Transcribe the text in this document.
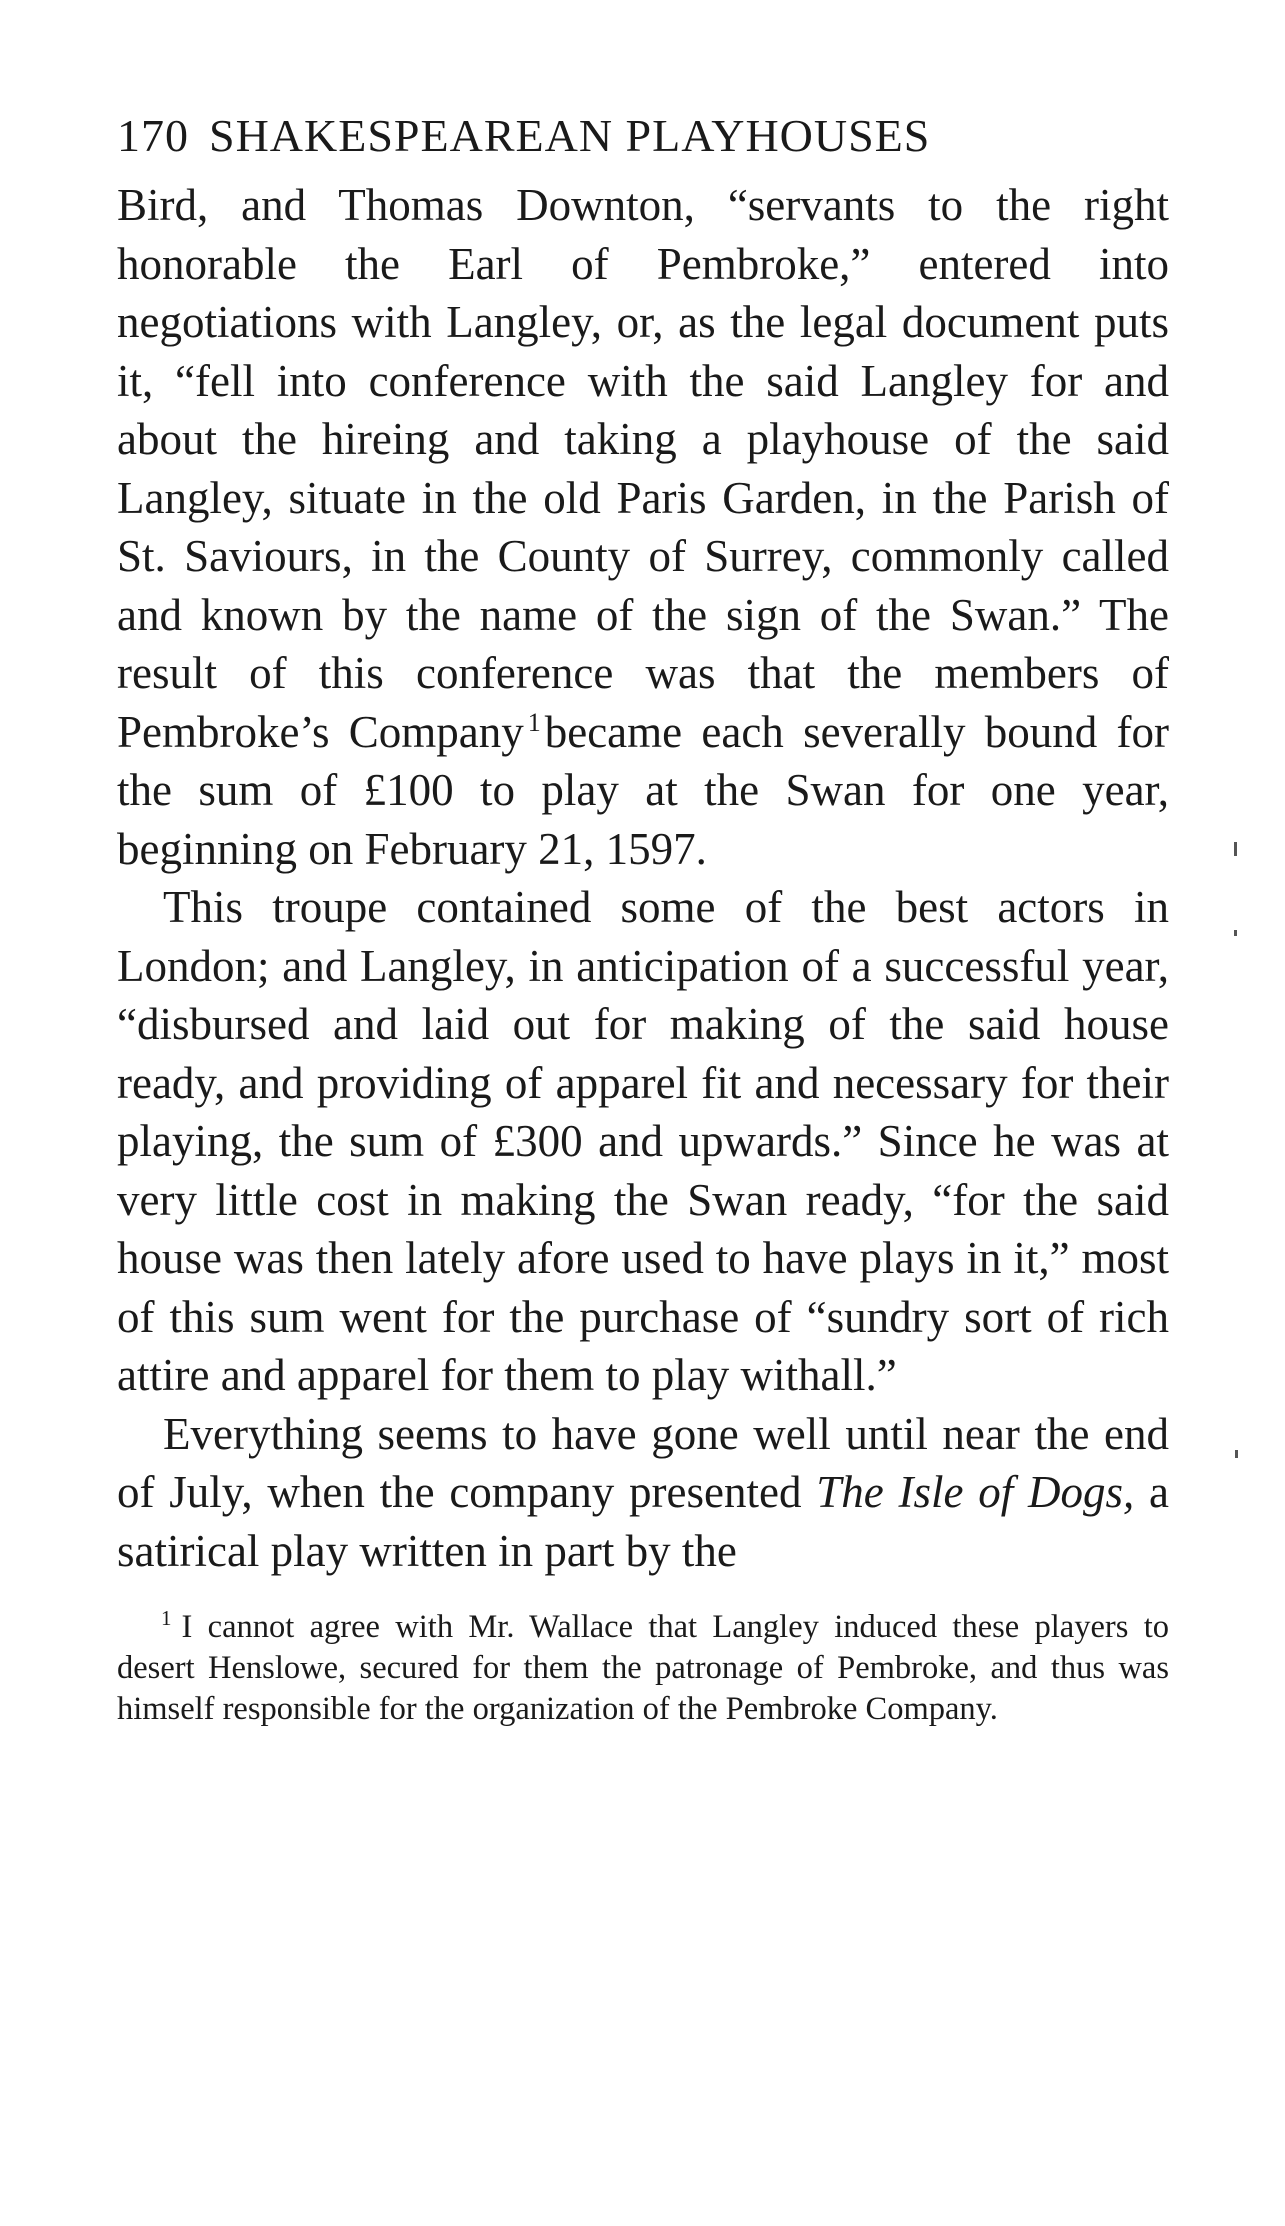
170 SHAKESPEAREAN PLAYHOUSES

Bird, and Thomas Downton, “servants to the right honorable the Earl of Pembroke,” entered into negotiations with Langley, or, as the legal document puts it, “fell into conference with the said Langley for and about the hireing and taking a playhouse of the said Langley, situate in the old Paris Garden, in the Parish of St. Saviours, in the County of Surrey, commonly called and known by the name of the sign of the Swan.” The result of this conference was that the members of Pembroke’s Company $^1$became each severally bound for the sum of £100 to play at the Swan for one year, beginning on February 21, 1597.

This troupe contained some of the best actors in London; and Langley, in anticipation of a successful year, “disbursed and laid out for making of the said house ready, and providing of apparel fit and necessary for their playing, the sum of £300 and upwards.” Since he was at very little cost in making the Swan ready, “for the said house was then lately afore used to have plays in it,” most of this sum went for the purchase of “sundry sort of rich attire and apparel for them to play withall.”

Everything seems to have gone well until near the end of July, when the company presented The Isle of Dogs, a satirical play written in part by the

$^1$ I cannot agree with Mr. Wallace that Langley induced these players to desert Henslowe, secured for them the patronage of Pembroke, and thus was himself responsible for the organization of the Pembroke Company.
